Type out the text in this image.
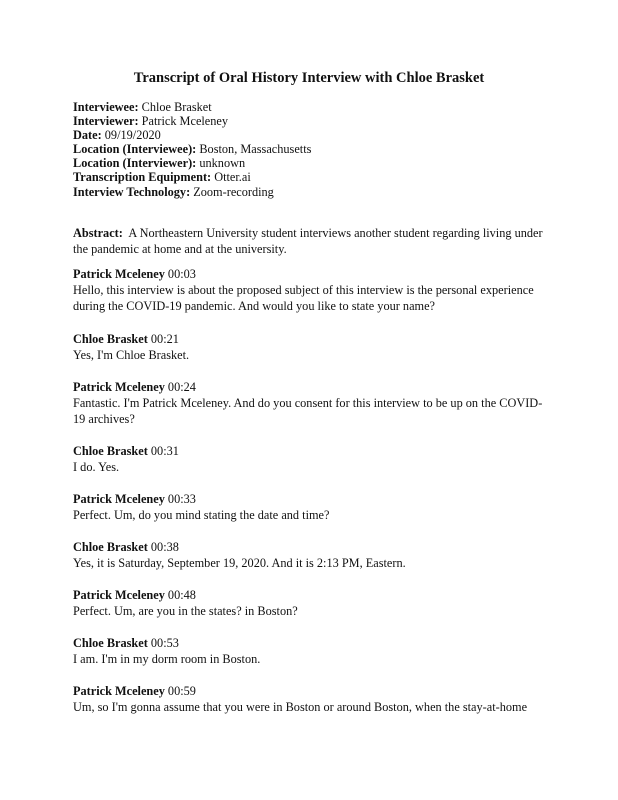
Transcript of Oral History Interview with Chloe Brasket
Interviewee: Chloe Brasket
Interviewer: Patrick Mceleney
Date: 09/19/2020
Location (Interviewee): Boston, Massachusetts
Location (Interviewer): unknown
Transcription Equipment: Otter.ai
Interview Technology: Zoom-recording
Abstract: A Northeastern University student interviews another student regarding living under the pandemic at home and at the university.
Patrick Mceleney 00:03
Hello, this interview is about the proposed subject of this interview is the personal experience during the COVID-19 pandemic. And would you like to state your name?
Chloe Brasket 00:21
Yes, I'm Chloe Brasket.
Patrick Mceleney 00:24
Fantastic. I'm Patrick Mceleney. And do you consent for this interview to be up on the COVID-19 archives?
Chloe Brasket 00:31
I do. Yes.
Patrick Mceleney 00:33
Perfect. Um, do you mind stating the date and time?
Chloe Brasket 00:38
Yes, it is Saturday, September 19, 2020. And it is 2:13 PM, Eastern.
Patrick Mceleney 00:48
Perfect. Um, are you in the states? in Boston?
Chloe Brasket 00:53
I am. I'm in my dorm room in Boston.
Patrick Mceleney 00:59
Um, so I'm gonna assume that you were in Boston or around Boston, when the stay-at-home
